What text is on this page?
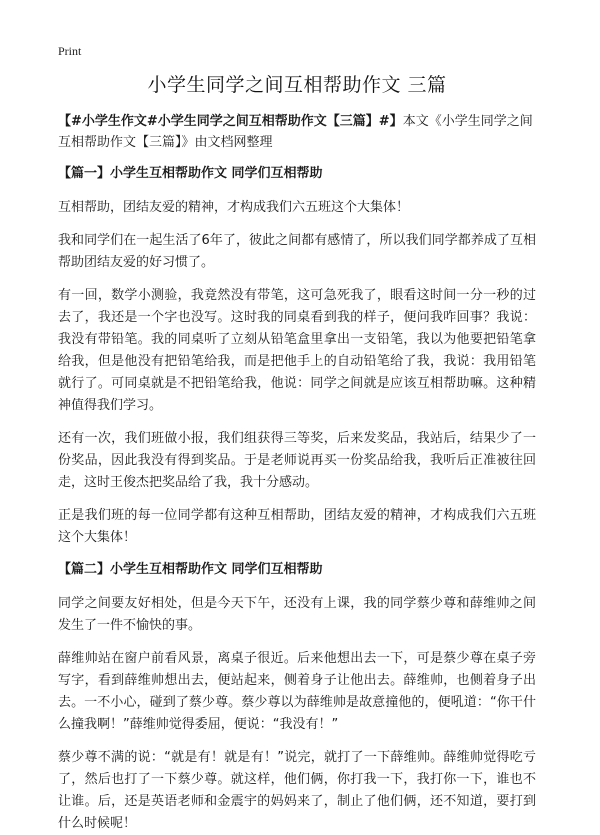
Print
小学生同学之间互相帮助作文 三篇

【#小学生作文#小学生同学之间互相帮助作文【三篇】#】本文《小学生同学之间互相帮助作文【三篇】》由文档网整理

【篇一】小学生互相帮助作文 同学们互相帮助

互相帮助，团结友爱的精神，才构成我们六五班这个大集体！

我和同学们在一起生活了6年了，彼此之间都有感情了，所以我们同学都养成了互相帮助团结友爱的好习惯了。

有一回，数学小测验，我竟然没有带笔，这可急死我了，眼看这时间一分一秒的过去了，我还是一个字也没写。这时我的同桌看到我的样子，便问我咋回事？我说：我没有带铅笔。我的同桌听了立刻从铅笔盒里拿出一支铅笔，我以为他要把铅笔拿给我，但是他没有把铅笔给我，而是把他手上的自动铅笔给了我，我说：我用铅笔就行了。可同桌就是不把铅笔给我，他说：同学之间就是应该互相帮助嘛。这种精神值得我们学习。

还有一次，我们班做小报，我们组获得三等奖，后来发奖品，我站后，结果少了一份奖品，因此我没有得到奖品。于是老师说再买一份奖品给我，我听后正准被往回走，这时王俊杰把奖品给了我，我十分感动。

正是我们班的每一位同学都有这种互相帮助，团结友爱的精神，才构成我们六五班这个大集体！

【篇二】小学生互相帮助作文 同学们互相帮助

同学之间要友好相处，但是今天下午，还没有上课，我的同学蔡少尊和薛维帅之间发生了一件不愉快的事。

薛维帅站在窗户前看风景，离桌子很近。后来他想出去一下，可是蔡少尊在桌子旁写字，看到薛维帅想出去，便站起来，侧着身子让他出去。薛维帅，也侧着身子出去。一不小心，碰到了蔡少尊。蔡少尊以为薛维帅是故意撞他的，便吼道：“你干什么撞我啊！”薛维帅觉得委屈，便说：“我没有！”

蔡少尊不满的说：“就是有！就是有！”说完，就打了一下薛维帅。薛维帅觉得吃亏了，然后也打了一下蔡少尊。就这样，他们俩，你打我一下，我打你一下，谁也不让谁。后，还是英语老师和金震宇的妈妈来了，制止了他们俩，还不知道，要打到什么时候呢！
